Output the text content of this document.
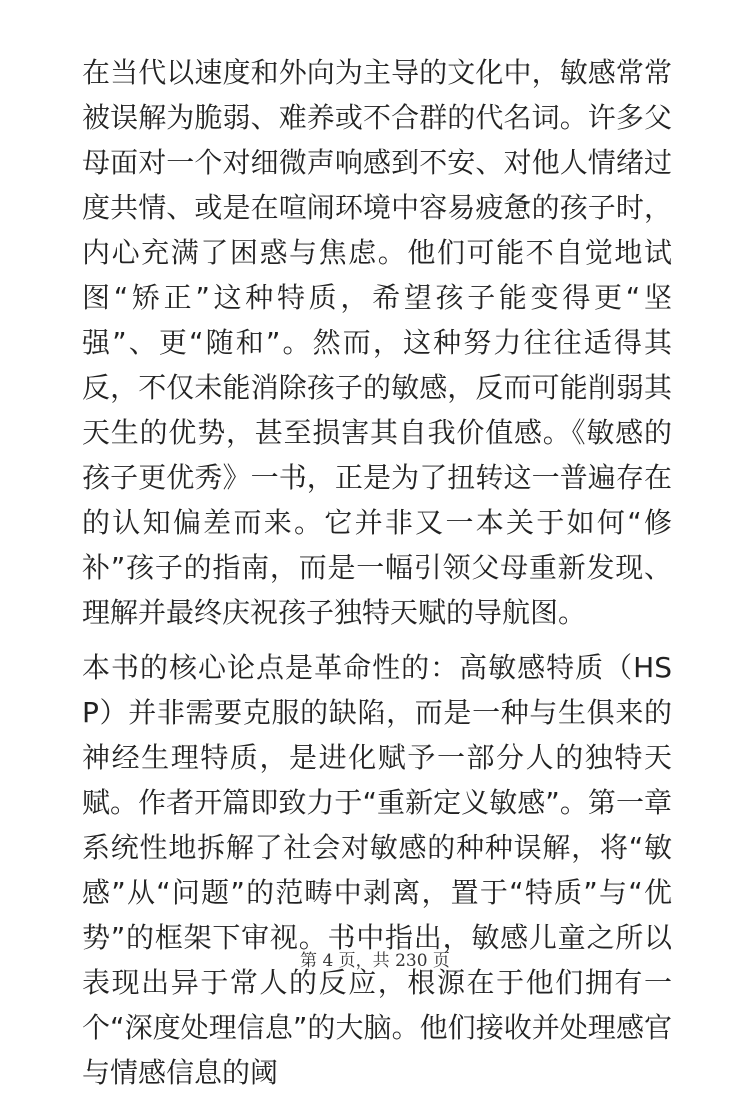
在当代以速度和外向为主导的文化中，敏感常常被误解为脆弱、难养或不合群的代名词。许多父母面对一个对细微声响感到不安、对他人情绪过度共情、或是在喧闹环境中容易疲惫的孩子时，内心充满了困惑与焦虑。他们可能不自觉地试图“矫正”这种特质，希望孩子能变得更“坚强”、更“随和”。然而，这种努力往往适得其反，不仅未能消除孩子的敏感，反而可能削弱其天生的优势，甚至损害其自我价值感。《敏感的孩子更优秀》一书，正是为了扭转这一普遍存在的认知偏差而来。它并非又一本关于如何“修补”孩子的指南，而是一幅引领父母重新发现、理解并最终庆祝孩子独特天赋的导航图。

本书的核心论点是革命性的：高敏感特质（HSP）并非需要克服的缺陷，而是一种与生俱来的神经生理特质，是进化赋予一部分人的独特天赋。作者开篇即致力于“重新定义敏感”。第一章系统性地拆解了社会对敏感的种种误解，将“敏感”从“问题”的范畴中剥离，置于“特质”与“优势”的框架下审视。书中指出，敏感儿童之所以表现出异于常人的反应，根源在于他们拥有一个“深度处理信息”的大脑。他们接收并处理感官与情感信息的阈

第 4 页，共 230 页
